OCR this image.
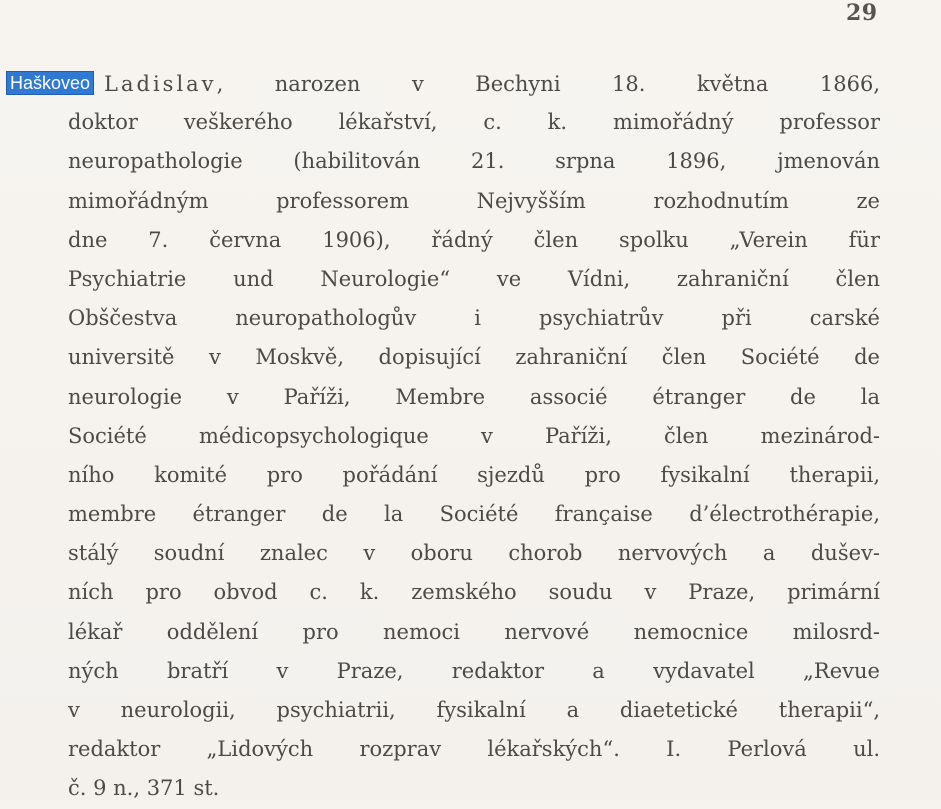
29
Haškoveo Ladislav, narozen v Bechyni 18. května 1866,
doktor veškerého lékařství, c. k. mimořádný professor
neuropathologie (habilitován 21. srpna 1896, jmenován
mimořádným professorem Nejvyšším rozhodnutím ze
dne 7. června 1906), řádný člen spolku „Verein für
Psychiatrie und Neurologie“ ve Vídni, zahraniční člen
Obščestva neuropathologův i psychiatrův při carské
universitě v Moskvě, dopisující zahraniční člen Société de
neurologie v Paříži, Membre associé étranger de la
Société médicopsychologique v Paříži, člen mezinárod-
ního komité pro pořádání sjezdů pro fysikalní therapii,
membre étranger de la Société française d’électrothérapie,
stálý soudní znalec v oboru chorob nervových a dušev-
ních pro obvod c. k. zemského soudu v Praze, primární
lékař oddělení pro nemoci nervové nemocnice milosrd-
ných bratří v Praze, redaktor a vydavatel „Revue
v neurologii, psychiatrii, fysikalní a diaetetické therapii“,
redaktor „Lidových rozprav lékařských“. I. Perlová ul.
č. 9 n., 371 st.
